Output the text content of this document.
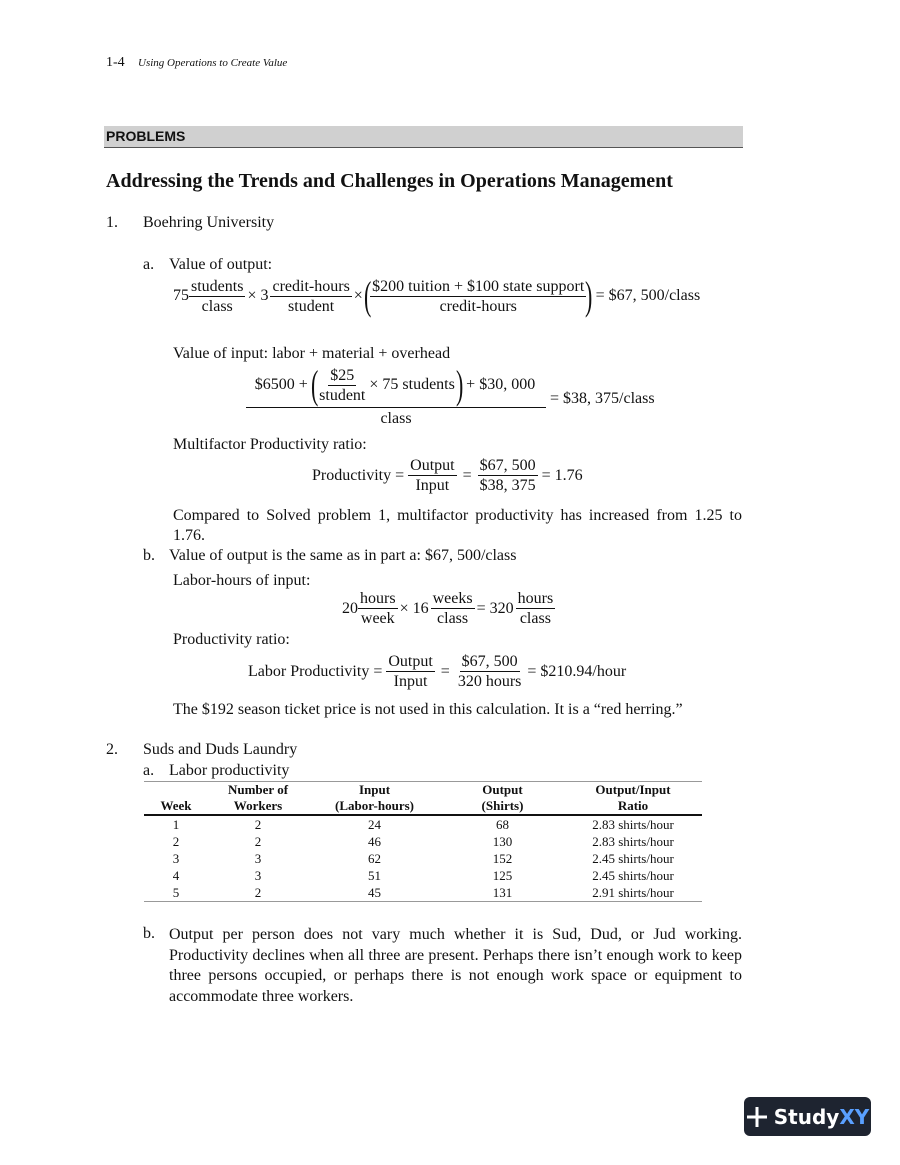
1-4 Using Operations to Create Value
PROBLEMS
Addressing the Trends and Challenges in Operations Management
1. Boehring University
a. Value of output:
$75 \frac{\text{students}}{\text{class}} \times 3 \frac{\text{credit-hours}}{\text{student}}$ × (
$\frac{\text{\$200 tuition + \$100 state support}}{\text{credit-hours}}$
) = $67, 500/class
Value of input: labor + material + overhead
$6500 + (
$\frac{\$25}{\text{student}} \times 75$ students ) + $30, 000
class
= $38, 375/class
Multifactor Productivity ratio:
Productivity = $\frac{\text{Output}}{\text{Input}} = \frac{\$67, 500}{\$38, 375} = 1.76$
Compared to Solved problem 1, multifactor productivity has increased from 1.25 to 1.76.
b. Value of output is the same as in part a: $67, 500/class
Labor-hours of input:
$20 \frac{\text{hours}}{\text{week}} \times 16 \frac{\text{weeks}}{\text{class}} = 320 \frac{\text{hours}}{\text{class}}$
Productivity ratio:
Labor Productivity = $\frac{\text{Output}}{\text{Input}} = \frac{\$67, 500}{\text{320 hours}}$ = $210.94/hour
The $192 season ticket price is not used in this calculation. It is a “red herring.”
2. Suds and Duds Laundry
a. Labor productivity
	Number of	Input	Output	Output/Input
Week	Workers	(Labor-hours)	(Shirts)	Ratio
1	2	24	68	2.83 shirts/hour
2	2	46	130	2.83 shirts/hour
3	3	62	152	2.45 shirts/hour
4	3	51	125	2.45 shirts/hour
5	2	45	131	2.91 shirts/hour
b. Output per person does not vary much whether it is Sud, Dud, or Jud working. Productivity declines when all three are present. Perhaps there isn’t enough work to keep three persons occupied, or perhaps there is not enough work space or equipment to accommodate three workers.
StudyXY
